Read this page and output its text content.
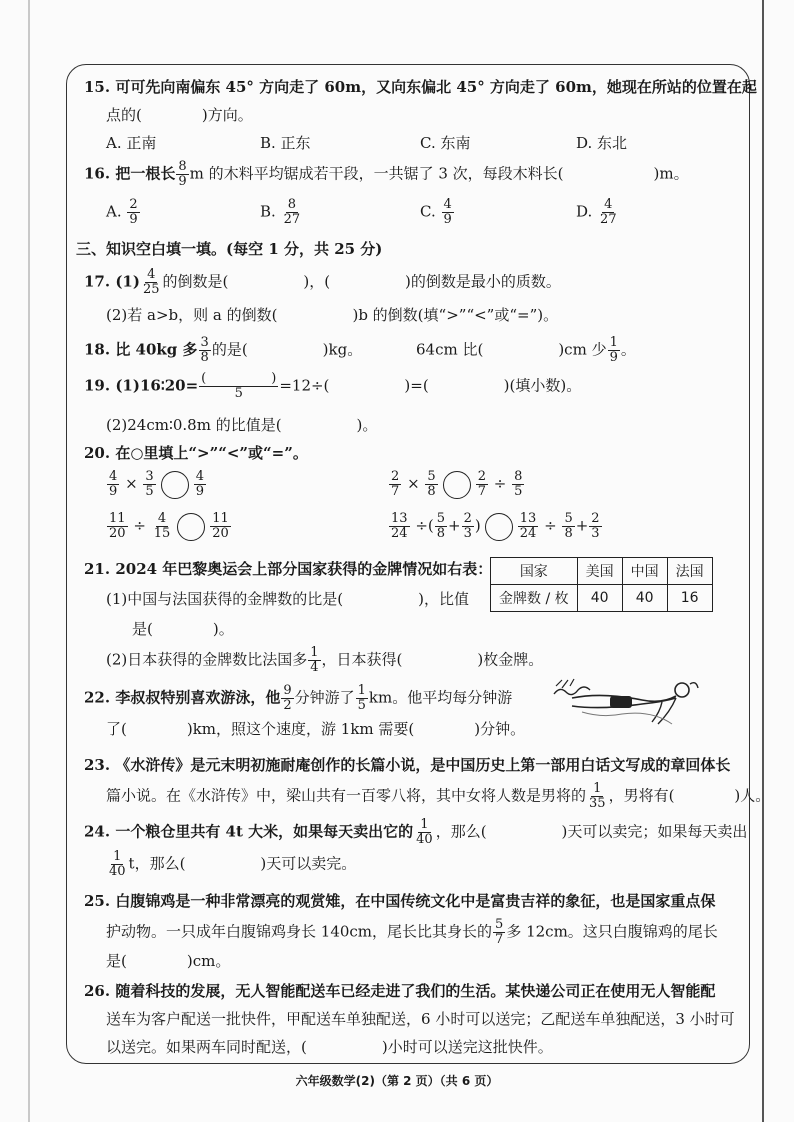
15. 可可先向南偏东 45° 方向走了 60m，又向东偏北 45° 方向走了 60m，她现在所站的位置在起
点的(　　　　)方向。
A. 正南	B. 正东	C. 东南	D. 东北
16. 把一根长 $\frac{8}{9}$ m 的木料平均锯成若干段，一共锯了 3 次，每段木料长(　　　　　　)m。
A. $\frac{2}{9}$	B. $\frac{8}{27}$	C. $\frac{4}{9}$	D. $\frac{4}{27}$
三、知识空白填一填。(每空 1 分，共 25 分)
17. $(1) \frac{4}{25}$ 的倒数是(　　　　　)，(　　　　　)的倒数是最小的质数。
(2)若 a>b，则 a 的倒数(　　　　　)b 的倒数(填“>”“<”或“=”)。
18. 比 40kg 多 $\frac{3}{8}$ 的是(　　　　　)kg。	64cm 比(　　　　　)cm 少 $\frac{1}{9}$ 。
19. (1)16∶20= $\frac{( )}{5} =12\div$(　　　　　)=(　　　　　)(填小数)。
(2)24cm∶0.8m 的比值是(　　　　　)。
20. 在○里填上“>”“<”或“=”。
$\frac{4}{9} \times \frac{3}{5}$	$\frac{4}{9}$	$\frac{2}{7} \times \frac{5}{8}$	$\frac{2}{7} \div \frac{8}{5}$
$\frac{11}{20} \div \frac{4}{15}$	$\frac{11}{20}$	$\frac{13}{24}$ ÷( $\frac{5}{8} + \frac{2}{3}$ )	$\frac{13}{24} \div \frac{5}{8} + \frac{2}{3}$
21. 2024 年巴黎奥运会上部分国家获得的金牌情况如右表：
(1)中国与法国获得的金牌数的比是(　　　　　)，比值
是(　　　　)。
(2)日本获得的金牌数比法国多 $\frac{1}{4}$ ，日本获得(　　　　　)枚金牌。
22. 李叔叔特别喜欢游泳，他 $\frac{9}{2}$ 分钟游了 $\frac{1}{5}$ km。他平均每分钟游
了(　　　　)km，照这个速度，游 1km 需要(　　　　)分钟。
23. 《水浒传》是元末明初施耐庵创作的长篇小说，是中国历史上第一部用白话文写成的章回体长
篇小说。在《水浒传》中，梁山共有一百零八将，其中女将人数是男将的 $\frac{1}{35}$ ，男将有(　　　　)人。
24. 一个粮仓里共有 4t 大米，如果每天卖出它的 $\frac{1}{40}$ ，那么(　　　　　)天可以卖完；如果每天卖出
$\frac{1}{40}$ t，那么(　　　　　)天可以卖完。
25. 白腹锦鸡是一种非常漂亮的观赏雉，在中国传统文化中是富贵吉祥的象征，也是国家重点保
护动物。一只成年白腹锦鸡身长 140cm，尾长比其身长的 $\frac{5}{7}$ 多 12cm。这只白腹锦鸡的尾长
是(　　　　)cm。
26. 随着科技的发展，无人智能配送车已经走进了我们的生活。某快递公司正在使用无人智能配
送车为客户配送一批快件，甲配送车单独配送，6 小时可以送完；乙配送车单独配送，3 小时可
以送完。如果两车同时配送，(　　　　　)小时可以送完这批快件。
国家	美国	中国	法国
金牌数 / 枚	40	40	16
六年级数学(2)（第 2 页）（共 6 页）
